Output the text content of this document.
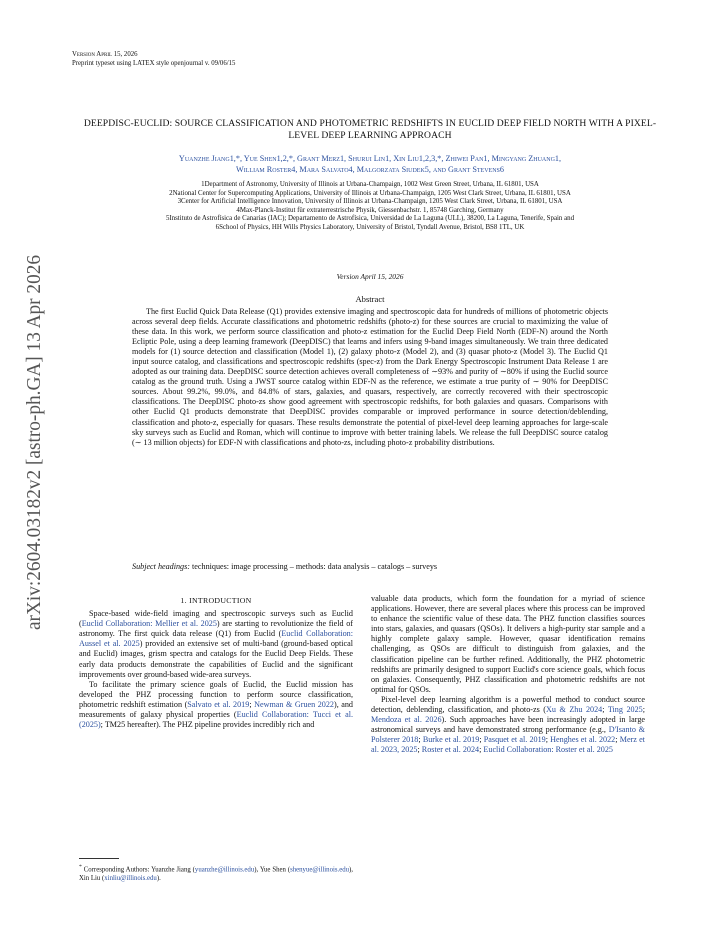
arXiv:2604.03182v2 [astro-ph.GA] 13 Apr 2026
Version April 15, 2026
Preprint typeset using LATEX style openjournal v. 09/06/15
DEEPDISC-EUCLID: SOURCE CLASSIFICATION AND PHOTOMETRIC REDSHIFTS IN EUCLID DEEP FIELD NORTH WITH A PIXEL-LEVEL DEEP LEARNING APPROACH
Yuanzhe Jiang1,*, Yue Shen1,2,*, Grant Merz1, Shurui Lin1, Xin Liu1,2,3,*, Zhiwei Pan1, Mingyang Zhuang1,
William Roster4, Mara Salvato4, Malgorzata Siudek5, and Grant Stevens6
1Department of Astronomy, University of Illinois at Urbana-Champaign, 1002 West Green Street, Urbana, IL 61801, USA
2National Center for Supercomputing Applications, University of Illinois at Urbana-Champaign, 1205 West Clark Street, Urbana, IL 61801, USA
3Center for Artificial Intelligence Innovation, University of Illinois at Urbana-Champaign, 1205 West Clark Street, Urbana, IL 61801, USA
4Max-Planck-Institut für extraterrestrische Physik, Giessenbachstr. 1, 85748 Garching, Germany
5Instituto de Astrofísica de Canarias (IAC); Departamento de Astrofísica, Universidad de La Laguna (ULL), 38200, La Laguna, Tenerife, Spain and
6School of Physics, HH Wills Physics Laboratory, University of Bristol, Tyndall Avenue, Bristol, BS8 1TL, UK
Version April 15, 2026
Abstract
The first Euclid Quick Data Release (Q1) provides extensive imaging and spectroscopic data for hundreds of millions of photometric objects across several deep fields. Accurate classifications and photometric redshifts (photo-z) for these sources are crucial to maximizing the value of these data. In this work, we perform source classification and photo-z estimation for the Euclid Deep Field North (EDF-N) around the North Ecliptic Pole, using a deep learning framework (DeepDISC) that learns and infers using 9-band images simultaneously. We train three dedicated models for (1) source detection and classification (Model 1), (2) galaxy photo-z (Model 2), and (3) quasar photo-z (Model 3). The Euclid Q1 input source catalog, and classifications and spectroscopic redshifts (spec-z) from the Dark Energy Spectroscopic Instrument Data Release 1 are adopted as our training data. DeepDISC source detection achieves overall completeness of ∼93% and purity of ∼80% if using the Euclid source catalog as the ground truth. Using a JWST source catalog within EDF-N as the reference, we estimate a true purity of ∼ 90% for DeepDISC sources. About 99.2%, 99.0%, and 84.8% of stars, galaxies, and quasars, respectively, are correctly recovered with their spectroscopic classifications. The DeepDISC photo-zs show good agreement with spectroscopic redshifts, for both galaxies and quasars. Comparisons with other Euclid Q1 products demonstrate that DeepDISC provides comparable or improved performance in source detection/deblending, classification and photo-z, especially for quasars. These results demonstrate the potential of pixel-level deep learning approaches for large-scale sky surveys such as Euclid and Roman, which will continue to improve with better training labels. We release the full DeepDISC source catalog (∼ 13 million objects) for EDF-N with classifications and photo-zs, including photo-z probability distributions.
Subject headings: techniques: image processing – methods: data analysis – catalogs – surveys
1. INTRODUCTION

Space-based wide-field imaging and spectroscopic surveys such as Euclid (Euclid Collaboration: Mellier et al. 2025) are starting to revolutionize the field of astronomy. The first quick data release (Q1) from Euclid (Euclid Collaboration: Aussel et al. 2025) provided an extensive set of multi-band (ground-based optical and Euclid) images, grism spectra and catalogs for the Euclid Deep Fields. These early data products demonstrate the capabilities of Euclid and the significant improvements over ground-based wide-area surveys.

To facilitate the primary science goals of Euclid, the Euclid mission has developed the PHZ processing function to perform source classification, photometric redshift estimation (Salvato et al. 2019; Newman & Gruen 2022), and measurements of galaxy physical properties (Euclid Collaboration: Tucci et al. (2025); TM25 hereafter). The PHZ pipeline provides incredibly rich and

valuable data products, which form the foundation for a myriad of science applications. However, there are several places where this process can be improved to enhance the scientific value of these data. The PHZ function classifies sources into stars, galaxies, and quasars (QSOs). It delivers a high-purity star sample and a highly complete galaxy sample. However, quasar identification remains challenging, as QSOs are difficult to distinguish from galaxies, and the classification pipeline can be further refined. Additionally, the PHZ photometric redshifts are primarily designed to support Euclid's core science goals, which focus on galaxies. Consequently, PHZ classification and photometric redshifts are not optimal for QSOs.

Pixel-level deep learning algorithm is a powerful method to conduct source detection, deblending, classification, and photo-zs (Xu & Zhu 2024; Ting 2025; Mendoza et al. 2026). Such approaches have been increasingly adopted in large astronomical surveys and have demonstrated strong performance (e.g., D'Isanto & Polsterer 2018; Burke et al. 2019; Pasquet et al. 2019; Henghes et al. 2022; Merz et al. 2023, 2025; Roster et al. 2024; Euclid Collaboration: Roster et al. 2025

* Corresponding Authors: Yuanzhe Jiang (yuanzhe@illinois.edu), Yue Shen (shenyue@illinois.edu), Xin Liu (xinliu@illinois.edu).
